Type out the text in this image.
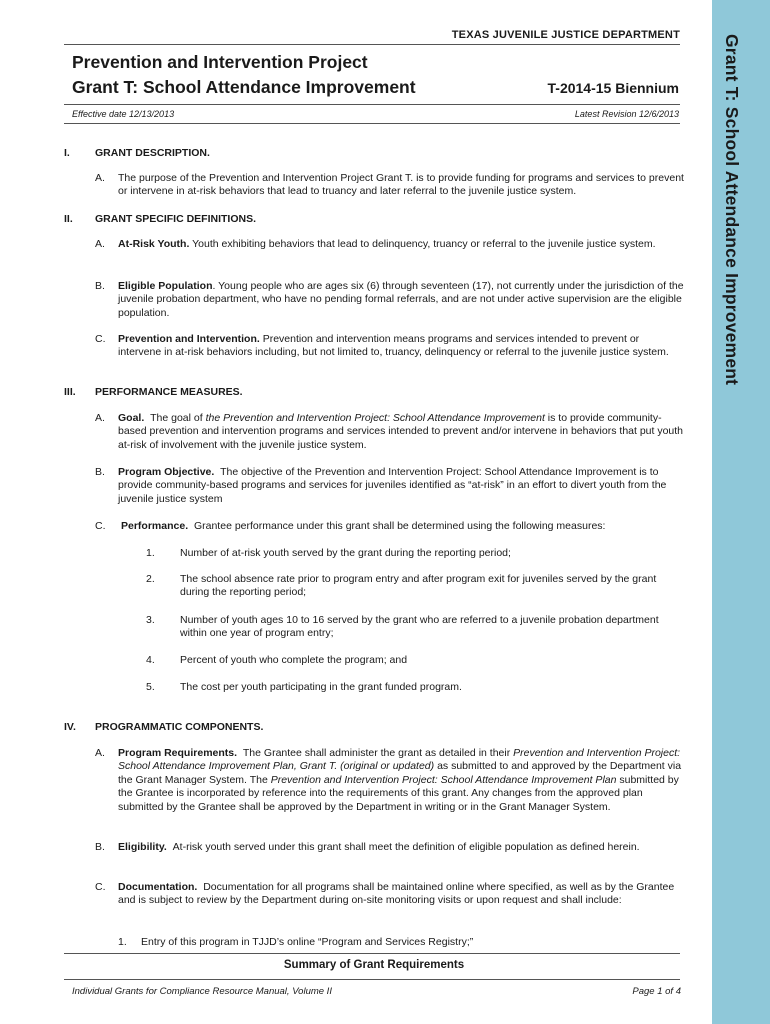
Grant T: School Attendance Improvement
TEXAS JUVENILE JUSTICE DEPARTMENT
Prevention and Intervention Project
Grant T: School Attendance Improvement	T-2014-15 Biennium
Effective date 12/13/2013	Latest Revision 12/6/2013
I. GRANT DESCRIPTION.
A. The purpose of the Prevention and Intervention Project Grant T. is to provide funding for programs and services to prevent or intervene in at-risk behaviors that lead to truancy and later referral to the juvenile justice system.
II. GRANT SPECIFIC DEFINITIONS.
A. At-Risk Youth. Youth exhibiting behaviors that lead to delinquency, truancy or referral to the juvenile justice system.
B. Eligible Population. Young people who are ages six (6) through seventeen (17), not currently under the jurisdiction of the juvenile probation department, who have no pending formal referrals, and are not under active supervision are the eligible population.
C. Prevention and Intervention. Prevention and intervention means programs and services intended to prevent or intervene in at-risk behaviors including, but not limited to, truancy, delinquency or referral to the juvenile justice system.
III. PERFORMANCE MEASURES.
A. Goal. The goal of the Prevention and Intervention Project: School Attendance Improvement is to provide community-based prevention and intervention programs and services intended to prevent and/or intervene in behaviors that put youth at-risk of involvement with the juvenile justice system.
B. Program Objective. The objective of the Prevention and Intervention Project: School Attendance Improvement is to provide community-based programs and services for juveniles identified as “at-risk” in an effort to divert youth from the juvenile justice system
C. Performance. Grantee performance under this grant shall be determined using the following measures:
1. Number of at-risk youth served by the grant during the reporting period;
2. The school absence rate prior to program entry and after program exit for juveniles served by the grant during the reporting period;
3. Number of youth ages 10 to 16 served by the grant who are referred to a juvenile probation department within one year of program entry;
4. Percent of youth who complete the program; and
5. The cost per youth participating in the grant funded program.
IV. PROGRAMMATIC COMPONENTS.
A. Program Requirements. The Grantee shall administer the grant as detailed in their Prevention and Intervention Project: School Attendance Improvement Plan, Grant T. (original or updated) as submitted to and approved by the Department via the Grant Manager System. The Prevention and Intervention Project: School Attendance Improvement Plan submitted by the Grantee is incorporated by reference into the requirements of this grant. Any changes from the approved plan submitted by the Grantee shall be approved by the Department in writing or in the Grant Manager System.
B. Eligibility. At-risk youth served under this grant shall meet the definition of eligible population as defined herein.
C. Documentation. Documentation for all programs shall be maintained online where specified, as well as by the Grantee and is subject to review by the Department during on-site monitoring visits or upon request and shall include:
1. Entry of this program in TJJD’s online “Program and Services Registry;”
Summary of Grant Requirements
Individual Grants for Compliance Resource Manual, Volume II	Page 1 of 4
